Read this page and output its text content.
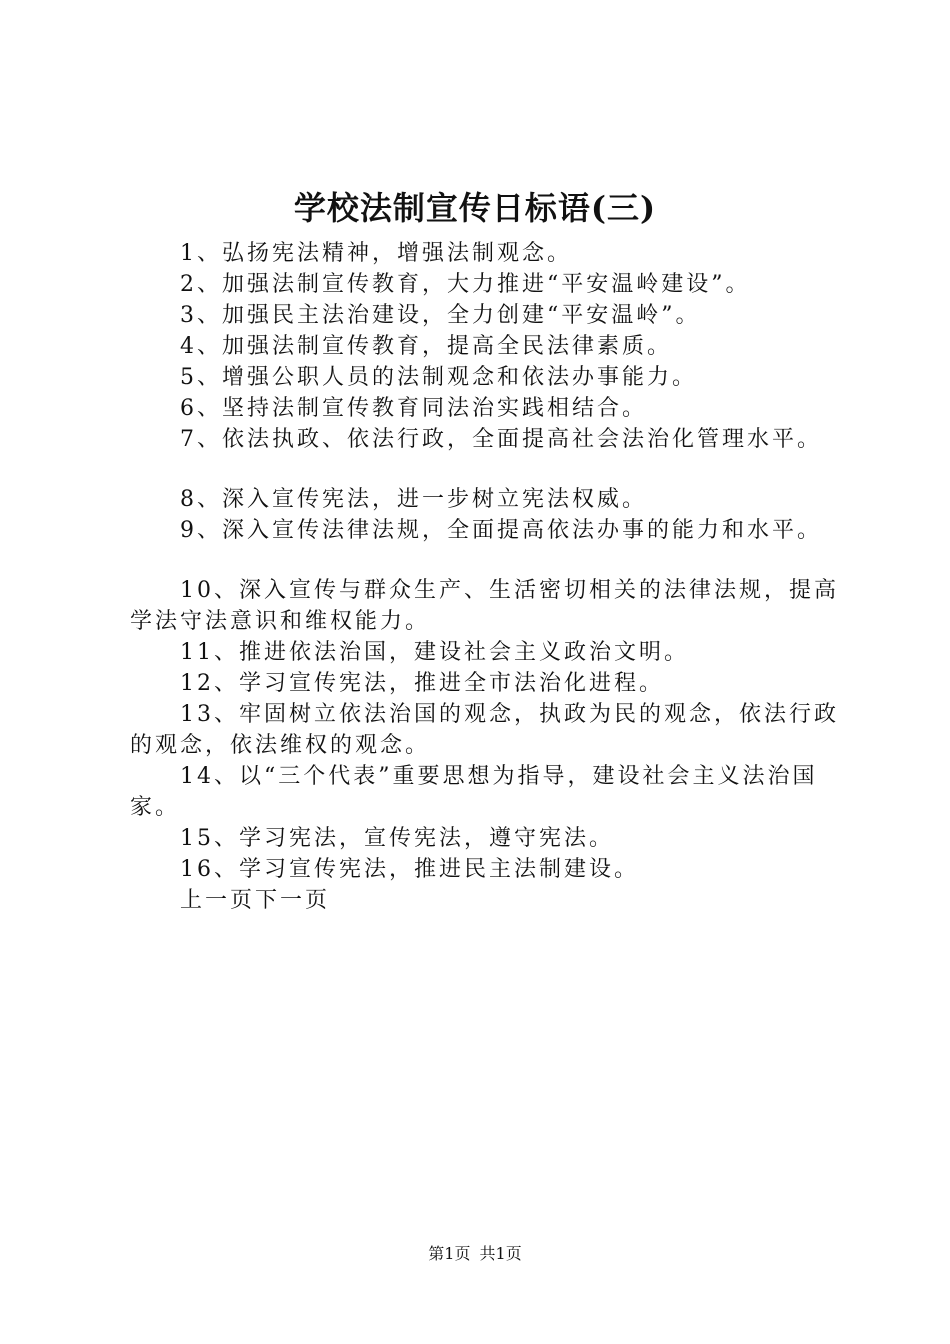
学校法制宣传日标语(三)

1、弘扬宪法精神，增强法制观念。

2、加强法制宣传教育，大力推进“平安温岭建设”。

3、加强民主法治建设，全力创建“平安温岭”。

4、加强法制宣传教育，提高全民法律素质。

5、增强公职人员的法制观念和依法办事能力。

6、坚持法制宣传教育同法治实践相结合。

7、依法执政、依法行政，全面提高社会法治化管理水平。

8、深入宣传宪法，进一步树立宪法权威。

9、深入宣传法律法规，全面提高依法办事的能力和水平。

10、深入宣传与群众生产、生活密切相关的法律法规，提高学法守法意识和维权能力。

11、推进依法治国，建设社会主义政治文明。

12、学习宣传宪法，推进全市法治化进程。

13、牢固树立依法治国的观念，执政为民的观念，依法行政的观念，依法维权的观念。

14、以“三个代表”重要思想为指导，建设社会主义法治国家。

15、学习宪法，宣传宪法，遵守宪法。

16、学习宣传宪法，推进民主法制建设。

上一页下一页

第1页 共1页
